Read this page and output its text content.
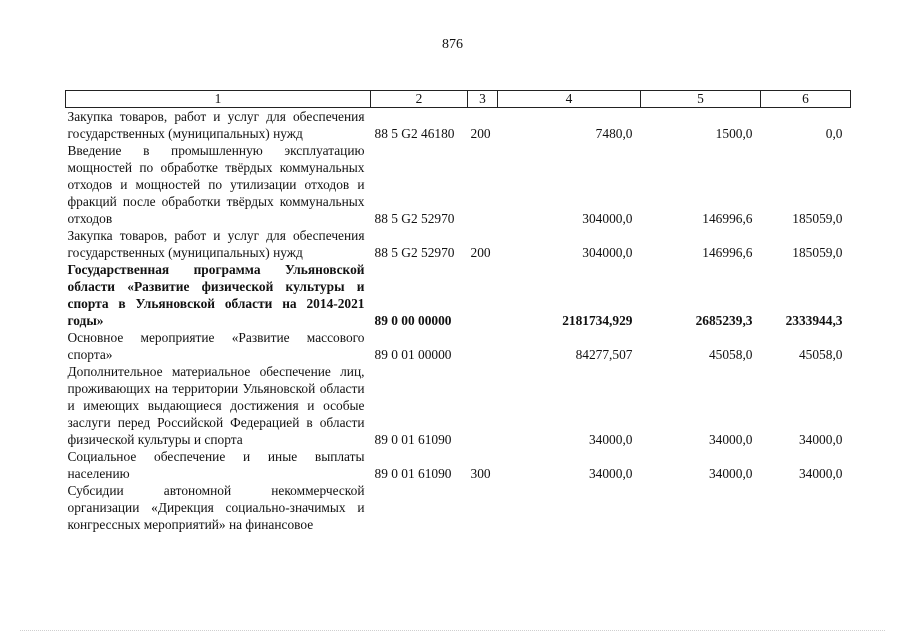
876
1	2	3	4	5	6
Закупка товаров, работ и услуг для обеспечения государственных (муниципальных) нужд	88 5 G2 46180	200	7480,0	1500,0	0,0
Введение в промышленную эксплуатацию мощностей по обработке твёрдых коммунальных отходов и мощностей по утилизации отходов и фракций после обработки твёрдых коммунальных отходов	88 5 G2 52970		304000,0	146996,6	185059,0
Закупка товаров, работ и услуг для обеспечения государственных (муниципальных) нужд	88 5 G2 52970	200	304000,0	146996,6	185059,0
Государственная программа Ульяновской области «Развитие физической культуры и спорта в Ульяновской области на 2014-2021 годы»	89 0 00 00000		2181734,929	2685239,3	2333944,3
Основное мероприятие «Развитие массового спорта»	89 0 01 00000		84277,507	45058,0	45058,0
Дополнительное материальное обеспечение лиц, проживающих на территории Ульяновской области и имеющих выдающиеся достижения и особые заслуги перед Российской Федерацией в области физической культуры и спорта	89 0 01 61090		34000,0	34000,0	34000,0
Социальное обеспечение и иные выплаты населению	89 0 01 61090	300	34000,0	34000,0	34000,0
Субсидии автономной некоммерческой организации «Дирекция социально-значимых и конгрессных мероприятий» на финансовое					
